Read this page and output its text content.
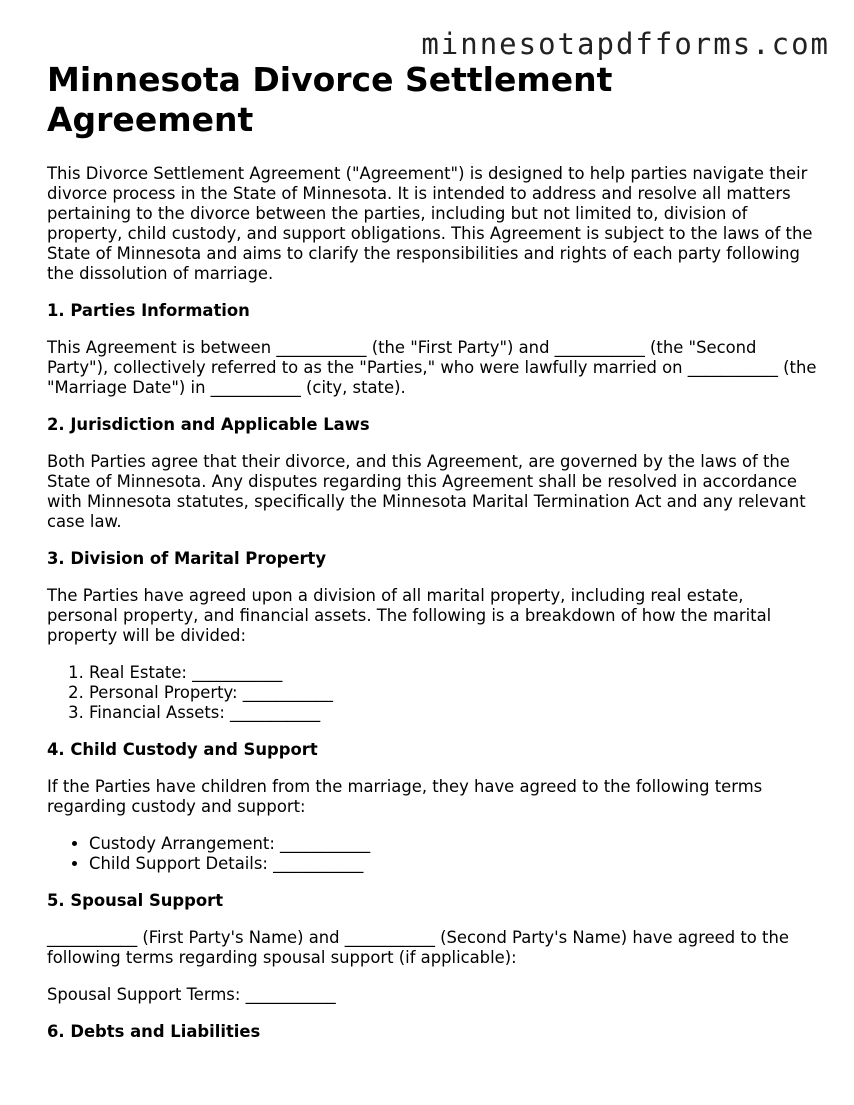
minnesotapdfforms.com
Minnesota Divorce Settlement Agreement

This Divorce Settlement Agreement ("Agreement") is designed to help parties navigate their divorce process in the State of Minnesota. It is intended to address and resolve all matters pertaining to the divorce between the parties, including but not limited to, division of property, child custody, and support obligations. This Agreement is subject to the laws of the State of Minnesota and aims to clarify the responsibilities and rights of each party following the dissolution of marriage.

1. Parties Information

This Agreement is between ___________ (the "First Party") and ___________ (the "Second Party"), collectively referred to as the "Parties," who were lawfully married on ___________ (the "Marriage Date") in ___________ (city, state).

2. Jurisdiction and Applicable Laws

Both Parties agree that their divorce, and this Agreement, are governed by the laws of the State of Minnesota. Any disputes regarding this Agreement shall be resolved in accordance with Minnesota statutes, specifically the Minnesota Marital Termination Act and any relevant case law.

3. Division of Marital Property

The Parties have agreed upon a division of all marital property, including real estate, personal property, and financial assets. The following is a breakdown of how the marital property will be divided:

1. Real Estate: ___________
2. Personal Property: ___________
3. Financial Assets: ___________
4. Child Custody and Support

If the Parties have children from the marriage, they have agreed to the following terms regarding custody and support:

• Custody Arrangement: ___________
• Child Support Details: ___________
5. Spousal Support

___________ (First Party's Name) and ___________ (Second Party's Name) have agreed to the following terms regarding spousal support (if applicable):

Spousal Support Terms: ___________

6. Debts and Liabilities
